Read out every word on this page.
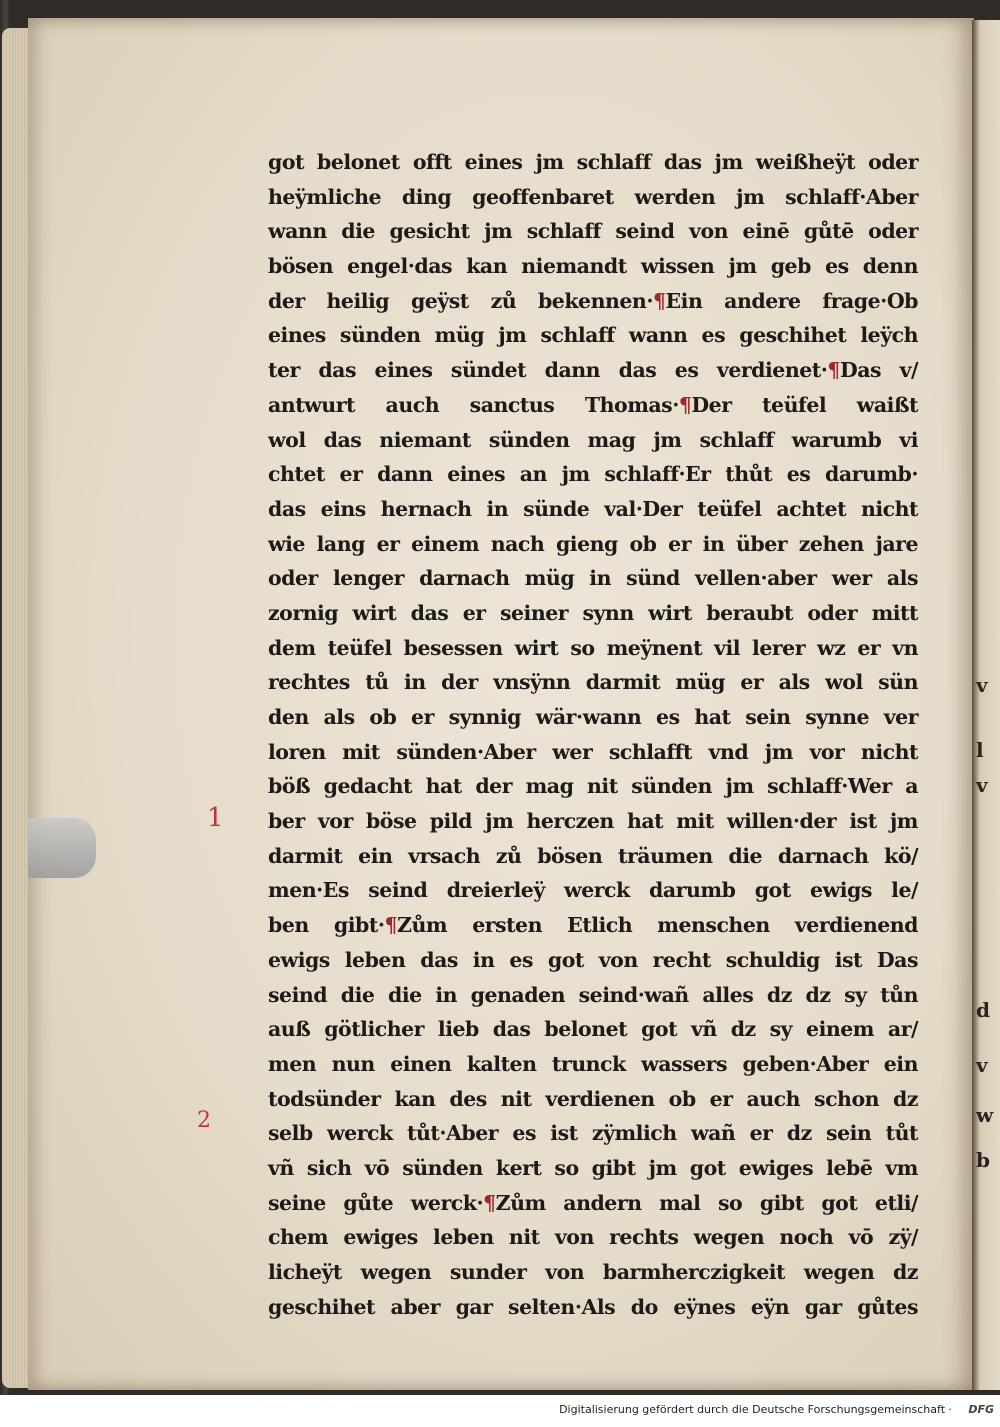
v
l
v
d
v
w
b
1
2
got belonet offt eines jm schlaff das jm weißheÿt oder
heÿmliche ding geoffenbaret werden jm schlaff·Aber
wann die gesicht jm schlaff seind von einē gůtē oder
bösen engel·das kan niemandt wissen jm geb es denn
der heilig geÿst zů bekennen·¶Ein andere frage·Ob
eines sünden müg jm schlaff wann es geschihet leÿch
ter das eines sündet dann das es verdienet·¶Das v/
antwurt auch sanctus Thomas·¶Der teüfel waißt
wol das niemant sünden mag jm schlaff warumb vi
chtet er dann eines an jm schlaff·Er thůt es darumb·
das eins hernach in sünde val·Der teüfel achtet nicht
wie lang er einem nach gieng ob er in über zehen jare
oder lenger darnach müg in sünd vellen·aber wer als
zornig wirt das er seiner synn wirt beraubt oder mitt
dem teüfel besessen wirt so meÿnent vil lerer wz er vn
rechtes tů in der vnsÿnn darmit müg er als wol sün
den als ob er synnig wär·wann es hat sein synne ver
loren mit sünden·Aber wer schlafft vnd jm vor nicht
böß gedacht hat der mag nit sünden jm schlaff·Wer a
ber vor böse pild jm herczen hat mit willen·der ist jm
darmit ein vrsach zů bösen träumen die darnach kö/
men·Es seind dreierleÿ werck darumb got ewigs le/
ben gibt·¶Zům ersten Etlich menschen verdienend
ewigs leben das in es got von recht schuldig ist Das
seind die die in genaden seind·wañ alles dz dz sy tůn
auß götlicher lieb das belonet got vñ dz sy einem ar/
men nun einen kalten trunck wassers geben·Aber ein
todsünder kan des nit verdienen ob er auch schon dz
selb werck tůt·Aber es ist zÿmlich wañ er dz sein tůt
vñ sich vō sünden kert so gibt jm got ewiges lebē vm
seine gůte werck·¶Zům andern mal so gibt got etli/
chem ewiges leben nit von rechts wegen noch vō zÿ/
licheÿt wegen sunder von barmherczigkeit wegen dz
geschihet aber gar selten·Als do eÿnes eÿn gar gůtes
Digitalisierung gefördert durch die Deutsche Forschungsgemeinschaft ·	DFG
